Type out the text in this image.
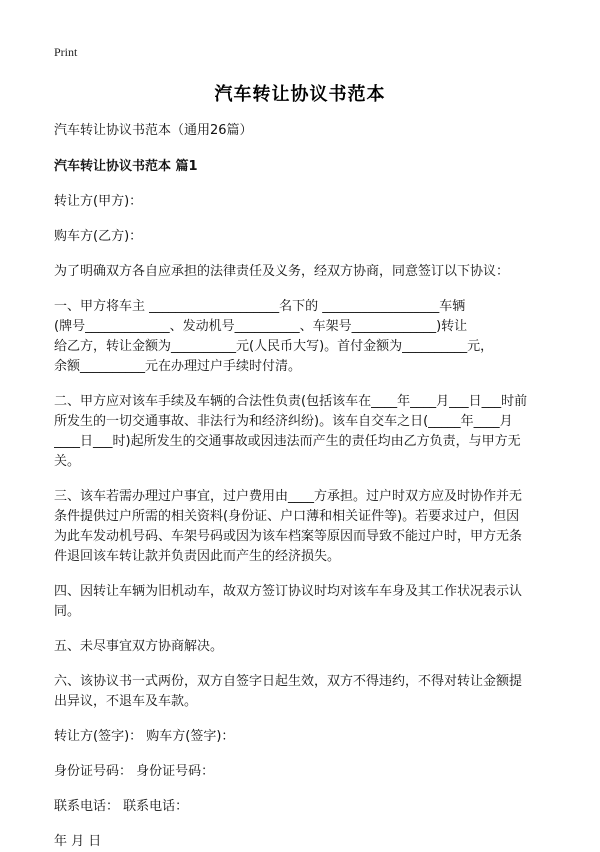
Print
汽车转让协议书范本
汽车转让协议书范本（通用26篇）
汽车转让协议书范本 篇1
转让方(甲方)：
购车方(乙方)：
为了明确双方各自应承担的法律责任及义务，经双方协商，同意签订以下协议：
一、甲方将车主 ____________________名下的 __________________车辆
(牌号_____________、发动机号__________、车架号_____________)转让
给乙方，转让金额为__________元(人民币大写)。首付金额为__________元，
余额__________元在办理过户手续时付清。
二、甲方应对该车手续及车辆的合法性负责(包括该车在____年____月___日___时前
所发生的一切交通事故、非法行为和经济纠纷)。该车自交车之日(_____年____月
____日___时)起所发生的交通事故或因违法而产生的责任均由乙方负责，与甲方无
关。
三、该车若需办理过户事宜，过户费用由____方承担。过户时双方应及时协作并无
条件提供过户所需的相关资料(身份证、户口薄和相关证件等)。若要求过户，但因
为此车发动机号码、车架号码或因为该车档案等原因而导致不能过户时，甲方无条
件退回该车转让款并负责因此而产生的经济损失。
四、因转让车辆为旧机动车，故双方签订协议时均对该车车身及其工作状况表示认
同。
五、未尽事宜双方协商解决。
六、该协议书一式两份，双方自签字日起生效，双方不得违约，不得对转让金额提
出异议，不退车及车款。
转让方(签字)： 购车方(签字)：
身份证号码： 身份证号码：
联系电话： 联系电话：
年 月 日
